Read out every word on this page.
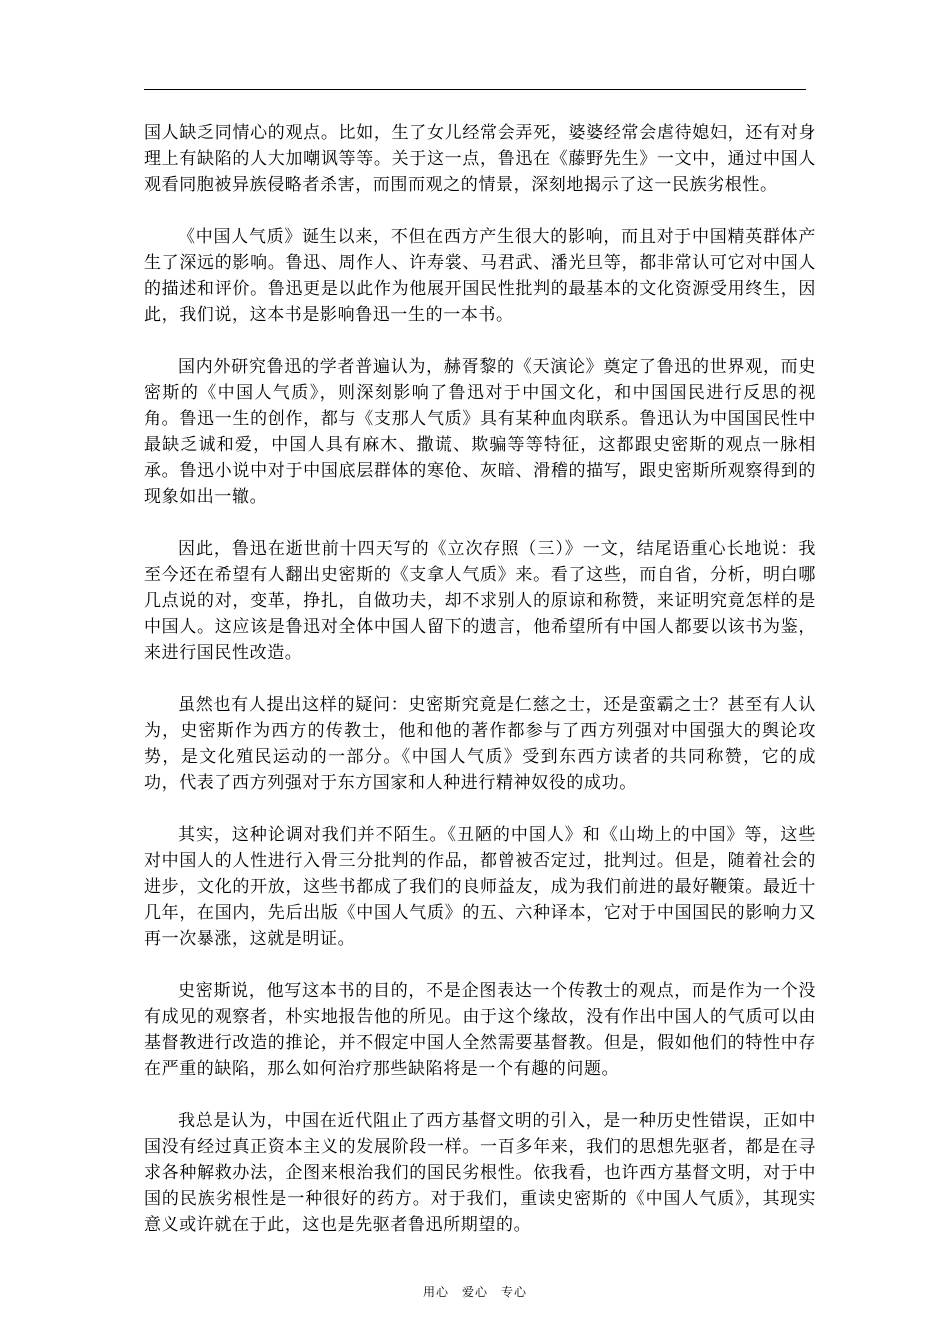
国人缺乏同情心的观点。比如，生了女儿经常会弄死，婆婆经常会虐待媳妇，还有对身理上有缺陷的人大加嘲讽等等。关于这一点，鲁迅在《藤野先生》一文中，通过中国人观看同胞被异族侵略者杀害，而围而观之的情景，深刻地揭示了这一民族劣根性。

《中国人气质》诞生以来，不但在西方产生很大的影响，而且对于中国精英群体产生了深远的影响。鲁迅、周作人、许寿裳、马君武、潘光旦等，都非常认可它对中国人的描述和评价。鲁迅更是以此作为他展开国民性批判的最基本的文化资源受用终生，因此，我们说，这本书是影响鲁迅一生的一本书。

国内外研究鲁迅的学者普遍认为，赫胥黎的《天演论》奠定了鲁迅的世界观，而史密斯的《中国人气质》，则深刻影响了鲁迅对于中国文化，和中国国民进行反思的视角。鲁迅一生的创作，都与《支那人气质》具有某种血肉联系。鲁迅认为中国国民性中最缺乏诚和爱，中国人具有麻木、撒谎、欺骗等等特征，这都跟史密斯的观点一脉相承。鲁迅小说中对于中国底层群体的寒伧、灰暗、滑稽的描写，跟史密斯所观察得到的现象如出一辙。

因此，鲁迅在逝世前十四天写的《立次存照（三）》一文，结尾语重心长地说：我至今还在希望有人翻出史密斯的《支拿人气质》来。看了这些，而自省，分析，明白哪几点说的对，变革，挣扎，自做功夫，却不求别人的原谅和称赞，来证明究竟怎样的是中国人。这应该是鲁迅对全体中国人留下的遗言，他希望所有中国人都要以该书为鉴，来进行国民性改造。

虽然也有人提出这样的疑问：史密斯究竟是仁慈之士，还是蛮霸之士？甚至有人认为，史密斯作为西方的传教士，他和他的著作都参与了西方列强对中国强大的舆论攻势，是文化殖民运动的一部分。《中国人气质》受到东西方读者的共同称赞，它的成功，代表了西方列强对于东方国家和人种进行精神奴役的成功。

其实，这种论调对我们并不陌生。《丑陋的中国人》和《山坳上的中国》等，这些对中国人的人性进行入骨三分批判的作品，都曾被否定过，批判过。但是，随着社会的进步，文化的开放，这些书都成了我们的良师益友，成为我们前进的最好鞭策。最近十几年，在国内，先后出版《中国人气质》的五、六种译本，它对于中国国民的影响力又再一次暴涨，这就是明证。

史密斯说，他写这本书的目的，不是企图表达一个传教士的观点，而是作为一个没有成见的观察者，朴实地报告他的所见。由于这个缘故，没有作出中国人的气质可以由基督教进行改造的推论，并不假定中国人全然需要基督教。但是，假如他们的特性中存在严重的缺陷，那么如何治疗那些缺陷将是一个有趣的问题。

我总是认为，中国在近代阻止了西方基督文明的引入，是一种历史性错误，正如中国没有经过真正资本主义的发展阶段一样。一百多年来，我们的思想先驱者，都是在寻求各种解救办法，企图来根治我们的国民劣根性。依我看，也许西方基督文明，对于中国的民族劣根性是一种很好的药方。对于我们，重读史密斯的《中国人气质》，其现实意义或许就在于此，这也是先驱者鲁迅所期望的。

用心　爱心　专心
